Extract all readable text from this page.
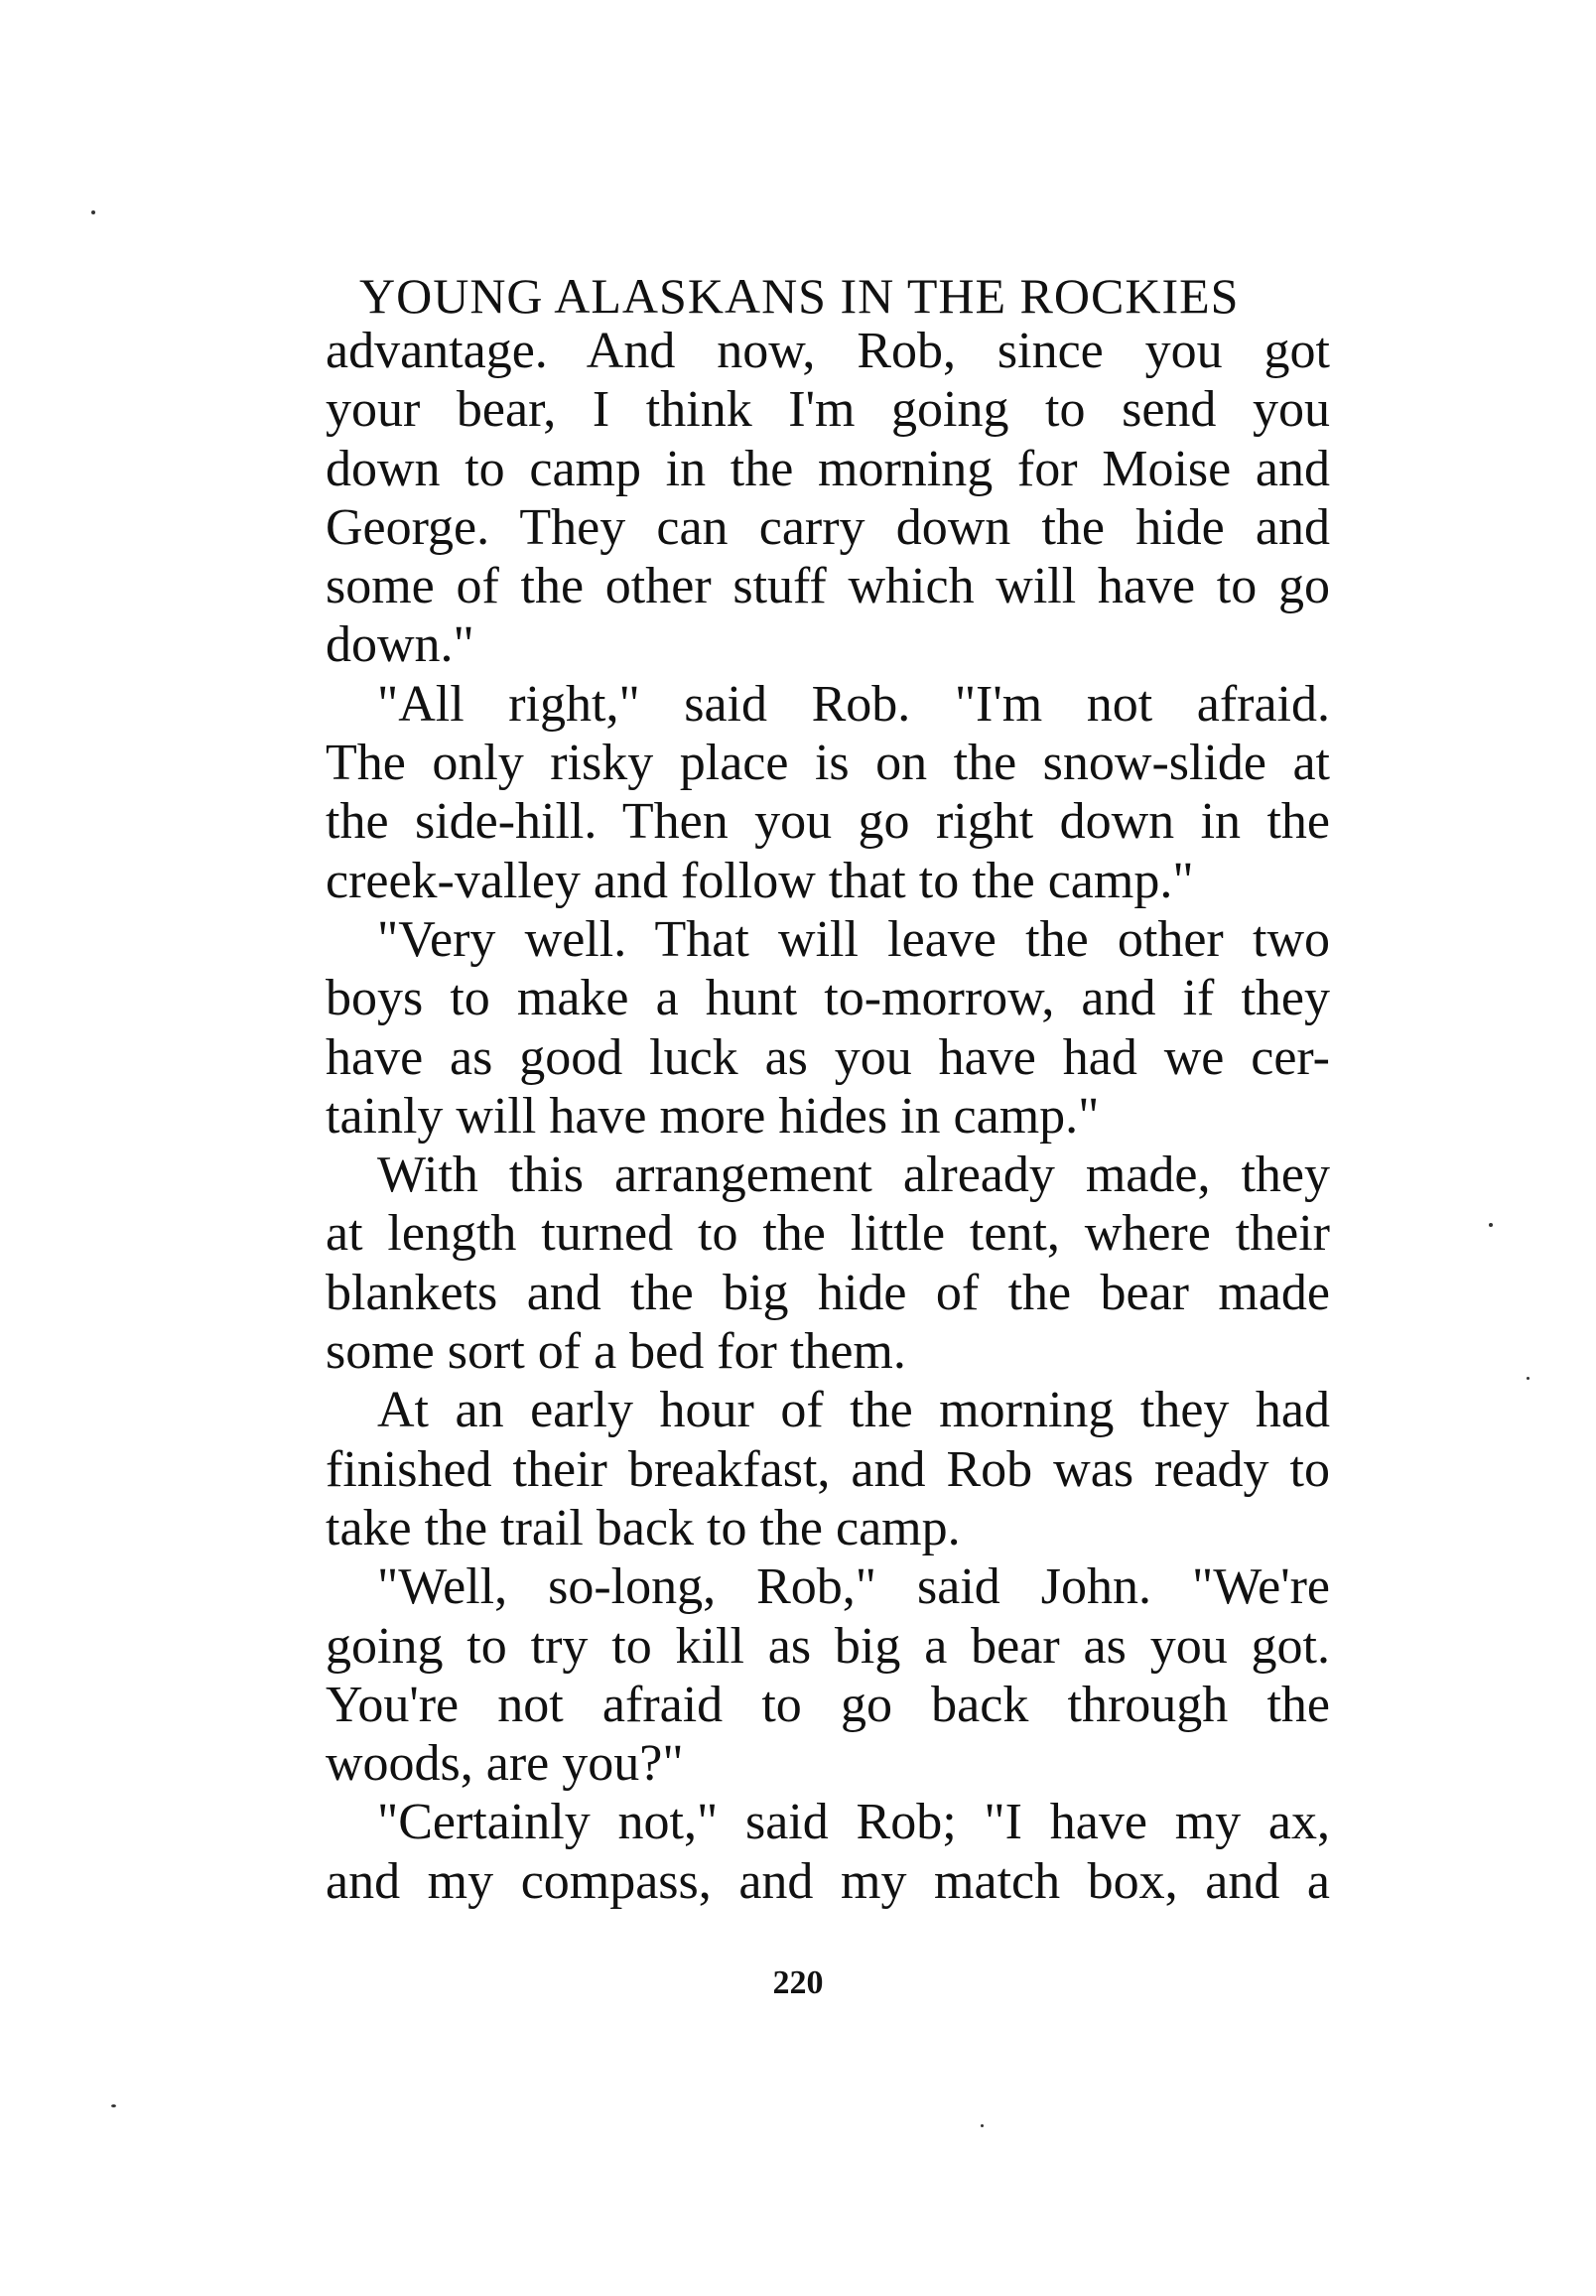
YOUNG ALASKANS IN THE ROCKIES
advantage. And now, Rob, since you got
your bear, I think I'm going to send you
down to camp in the morning for Moise and
George. They can carry down the hide and
some of the other stuff which will have to go
down."
"All right," said Rob. "I'm not afraid.
The only risky place is on the snow-slide at
the side-hill. Then you go right down in the
creek-valley and follow that to the camp."
"Very well. That will leave the other two
boys to make a hunt to-morrow, and if they
have as good luck as you have had we cer-
tainly will have more hides in camp."
With this arrangement already made, they
at length turned to the little tent, where their
blankets and the big hide of the bear made
some sort of a bed for them.
At an early hour of the morning they had
finished their breakfast, and Rob was ready to
take the trail back to the camp.
"Well, so-long, Rob," said John. "We're
going to try to kill as big a bear as you got.
You're not afraid to go back through the
woods, are you?"
"Certainly not," said Rob; "I have my ax,
and my compass, and my match box, and a
220
